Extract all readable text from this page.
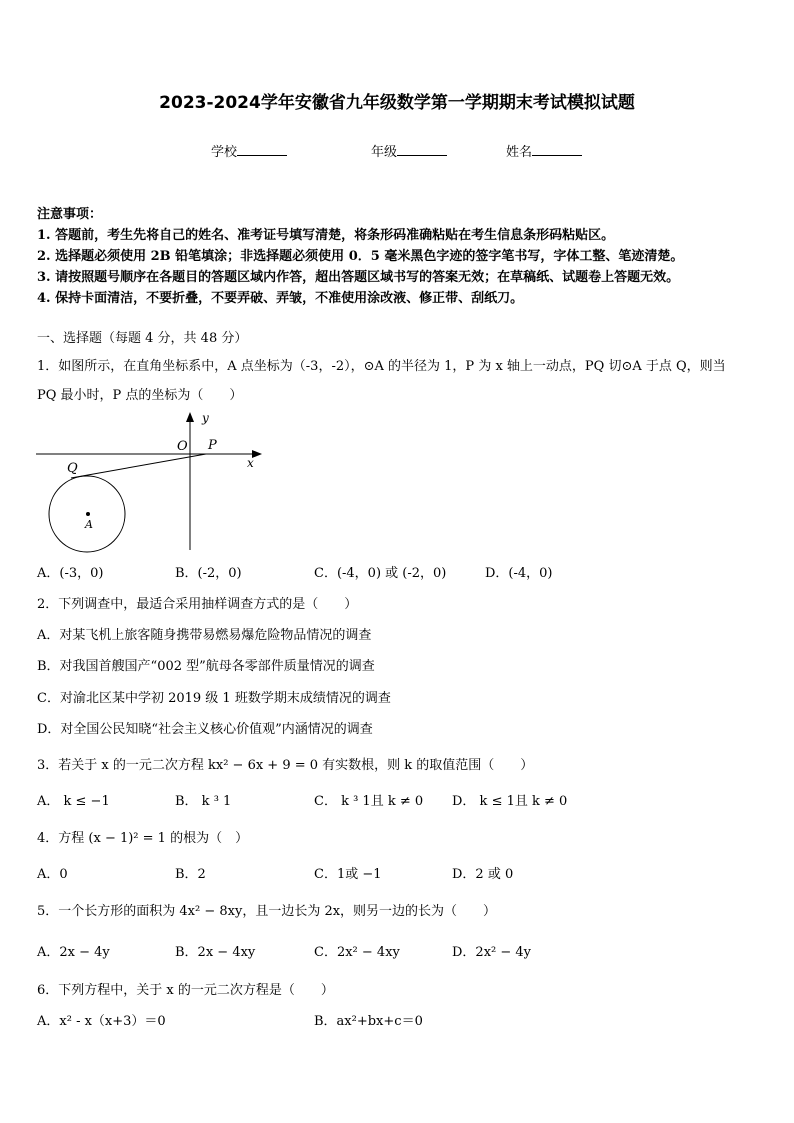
2023-2024学年安徽省九年级数学第一学期期末考试模拟试题
学校	年级	姓名
注意事项：
1. 答题前，考生先将自己的姓名、准考证号填写清楚，将条形码准确粘贴在考生信息条形码粘贴区。
2. 选择题必须使用 2B 铅笔填涂；非选择题必须使用 0．5 毫米黑色字迹的签字笔书写，字体工整、笔迹清楚。
3. 请按照题号顺序在各题目的答题区域内作答，超出答题区域书写的答案无效；在草稿纸、试题卷上答题无效。
4. 保持卡面清洁，不要折叠，不要弄破、弄皱，不准使用涂改液、修正带、刮纸刀。
一、选择题（每题 4 分，共 48 分）
1．如图所示，在直角坐标系中，A 点坐标为（-3，-2），⊙A 的半径为 1，P 为 x 轴上一动点，PQ 切⊙A 于点 Q，则当
PQ 最小时，P 点的坐标为（　　）
y
x
O P
Q
A
A．(-3，0)	B．(-2，0)	C．(-4，0) 或 (-2，0)	D．(-4，0)
2．下列调查中，最适合采用抽样调查方式的是（　　）
A．对某飞机上旅客随身携带易燃易爆危险物品情况的调查
B．对我国首艘国产“002 型”航母各零部件质量情况的调查
C．对渝北区某中学初 2019 级 1 班数学期末成绩情况的调查
D．对全国公民知晓“社会主义核心价值观”内涵情况的调查
3．若关于 x 的一元二次方程 kx² − 6x + 9 = 0 有实数根，则 k 的取值范围（　　）
A． k ≤ −1	B． k ³ 1	C． k ³ 1且 k ≠ 0 D． k ≤ 1且 k ≠ 0
4．方程 (x − 1)² = 1 的根为（　）
A．0	B．2	C．1或 −1	D．2 或 0
5．一个长方形的面积为 4x² − 8xy，且一边长为 2x，则另一边的长为（　　）
A．2x − 4y	B．2x − 4xy	C．2x² − 4xy	D．2x² − 4y
6．下列方程中，关于 x 的一元二次方程是（　　）
A．x² - x（x+3）＝0	B．ax²+bx+c＝0
